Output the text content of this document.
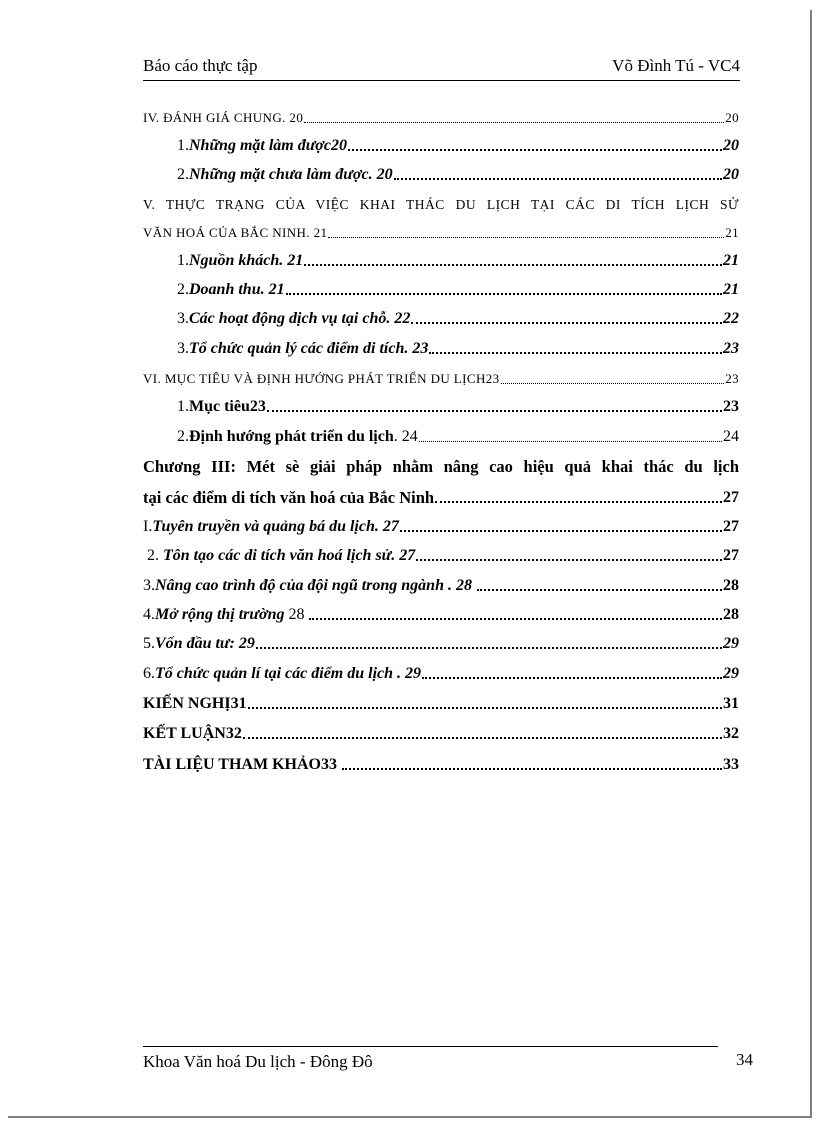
Báo cáo thực tập	Võ Đình Tú - VC4
IV. ĐÁNH GIÁ CHUNG. 20	20
1. Những mặt làm được20	20
2. Những mặt chưa làm được. 20	20
V. THỰC TRẠNG CỦA VIỆC KHAI THÁC DU LỊCH TẠI CÁC DI TÍCH LỊCH SỬ
VĂN HOÁ CỦA BẮC NINH. 21	21
1. Nguồn khách. 21	21
2. Doanh thu. 21	21
3. Các hoạt động dịch vụ tại chỗ. 22	22
3. Tổ chức quản lý các điểm di tích. 23	23
VI. MỤC TIÊU VÀ ĐỊNH HƯỚNG PHÁT TRIỂN DU LỊCH23	23
1. Mục tiêu23	23
2. Định hướng phát triển du lịch . 24	24
Chương III: Mét sè giải pháp nhằm nâng cao hiệu quả khai thác du lịch
tại các điểm di tích văn hoá của Bắc Ninh	27
I. Tuyên truyền và quảng bá du lịch. 27	27
2. Tôn tạo các di tích văn hoá lịch sử. 27	27
3. Nâng cao trình độ của đội ngũ trong ngành . 28	28
4. Mở rộng thị trường 28	28
5. Vốn đầu tư: 29	29
6. Tổ chức quản lí tại các điểm du lịch . 29	29
KIẾN NGHỊ31	31
KẾT LUẬN32	32
TÀI LIỆU THAM KHẢO33	33
Khoa Văn hoá Du lịch - Đông Đô	34
